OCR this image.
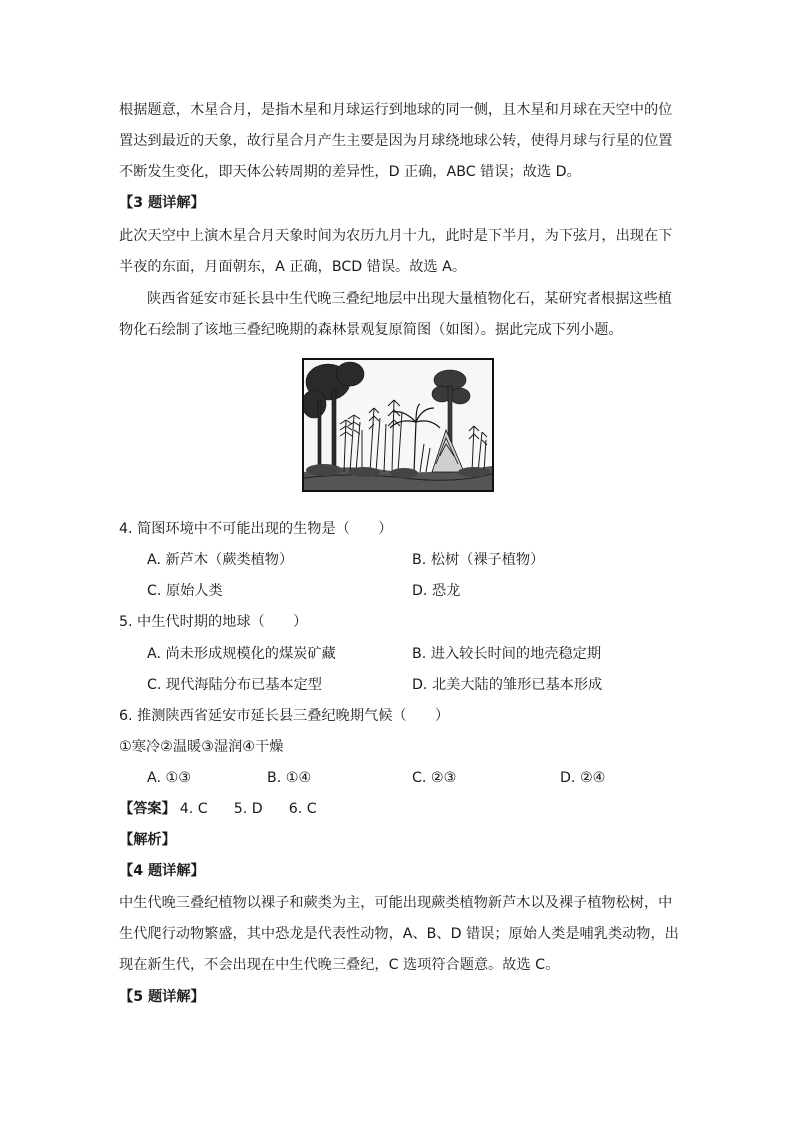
根据题意，木星合月，是指木星和月球运行到地球的同一侧，且木星和月球在天空中的位
置达到最近的天象，故行星合月产生主要是因为月球绕地球公转，使得月球与行星的位置
不断发生变化，即天体公转周期的差异性，D 正确，ABC 错误；故选 D。
【3 题详解】
此次天空中上演木星合月天象时间为农历九月十九，此时是下半月，为下弦月，出现在下
半夜的东面，月面朝东，A 正确，BCD 错误。故选 A。
陕西省延安市延长县中生代晚三叠纪地层中出现大量植物化石，某研究者根据这些植
物化石绘制了该地三叠纪晚期的森林景观复原简图（如图）。据此完成下列小题。
4. 简图环境中不可能出现的生物是（　　）
A. 新芦木（蕨类植物）	B. 松树（裸子植物）
C. 原始人类	D. 恐龙
5. 中生代时期的地球（　　）
A. 尚未形成规模化的煤炭矿藏	B. 进入较长时间的地壳稳定期
C. 现代海陆分布已基本定型	D. 北美大陆的雏形已基本形成
6. 推测陕西省延安市延长县三叠纪晚期气候（　　）
①寒冷②温暖③湿润④干燥
A. ①③	B. ①④	C. ②③	D. ②④
【答案】 4. C 5. D 6. C
【解析】
【4 题详解】
中生代晚三叠纪植物以裸子和蕨类为主，可能出现蕨类植物新芦木以及裸子植物松树，中
生代爬行动物繁盛，其中恐龙是代表性动物，A、B、D 错误；原始人类是哺乳类动物，出
现在新生代，不会出现在中生代晚三叠纪，C 选项符合题意。故选 C。
【5 题详解】
